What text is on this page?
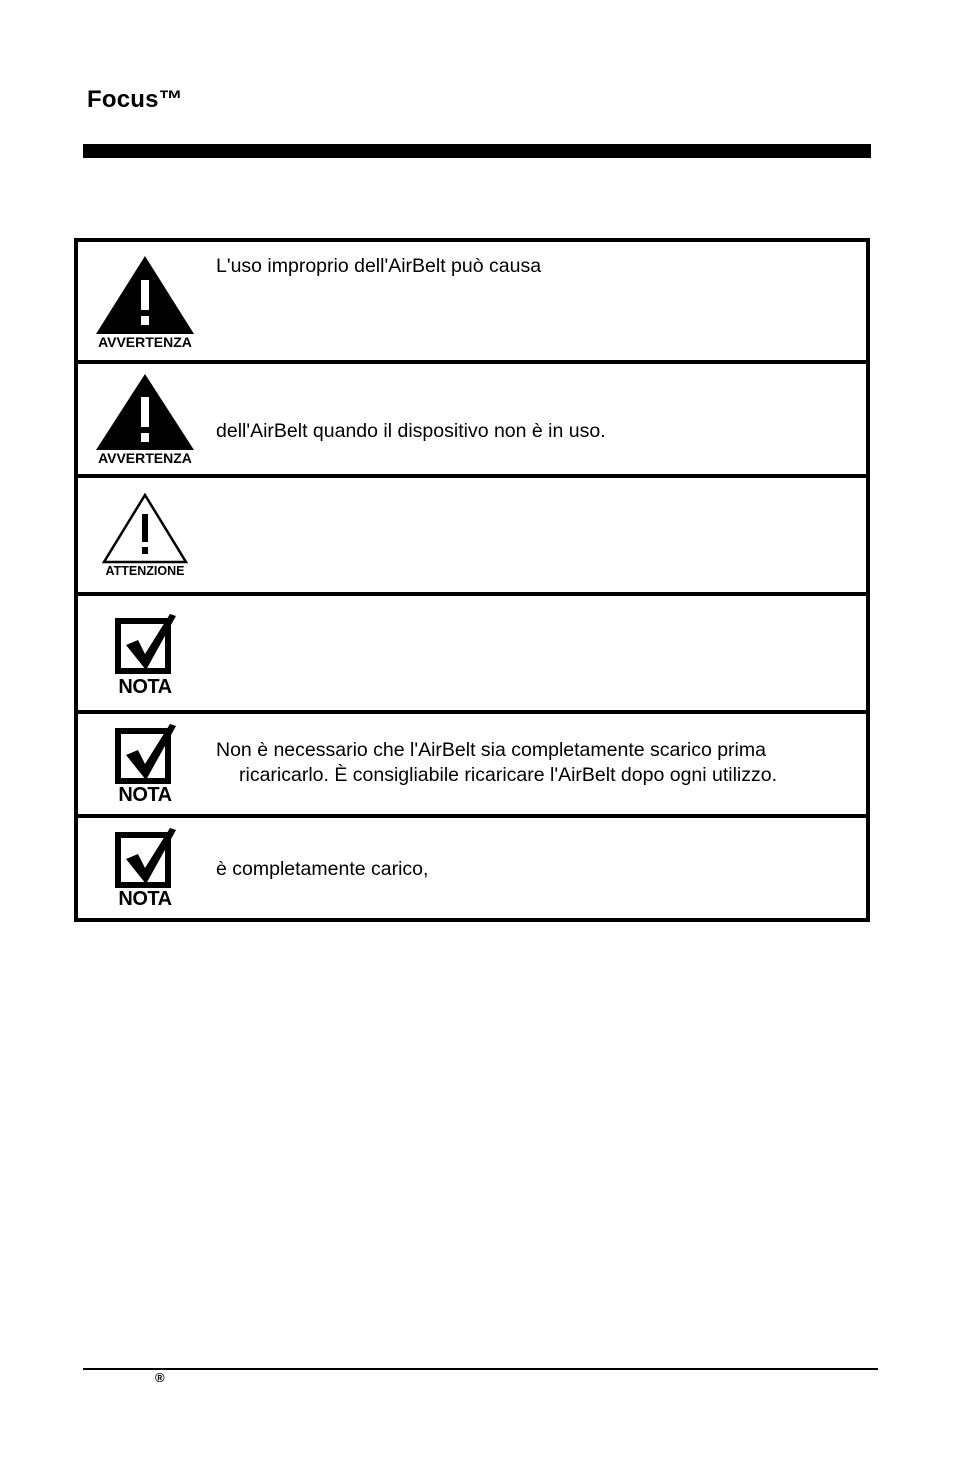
Focus™
AVVERTENZA
L'uso improprio dell'AirBelt può causa
AVVERTENZA
dell'AirBelt quando il dispositivo non è in uso.
ATTENZIONE
NOTA
NOTA
Non è necessario che l'AirBelt sia completamente scarico prima
ricaricarlo. È consigliabile ricaricare l'AirBelt dopo ogni utilizzo.
NOTA
è completamente carico,
®
